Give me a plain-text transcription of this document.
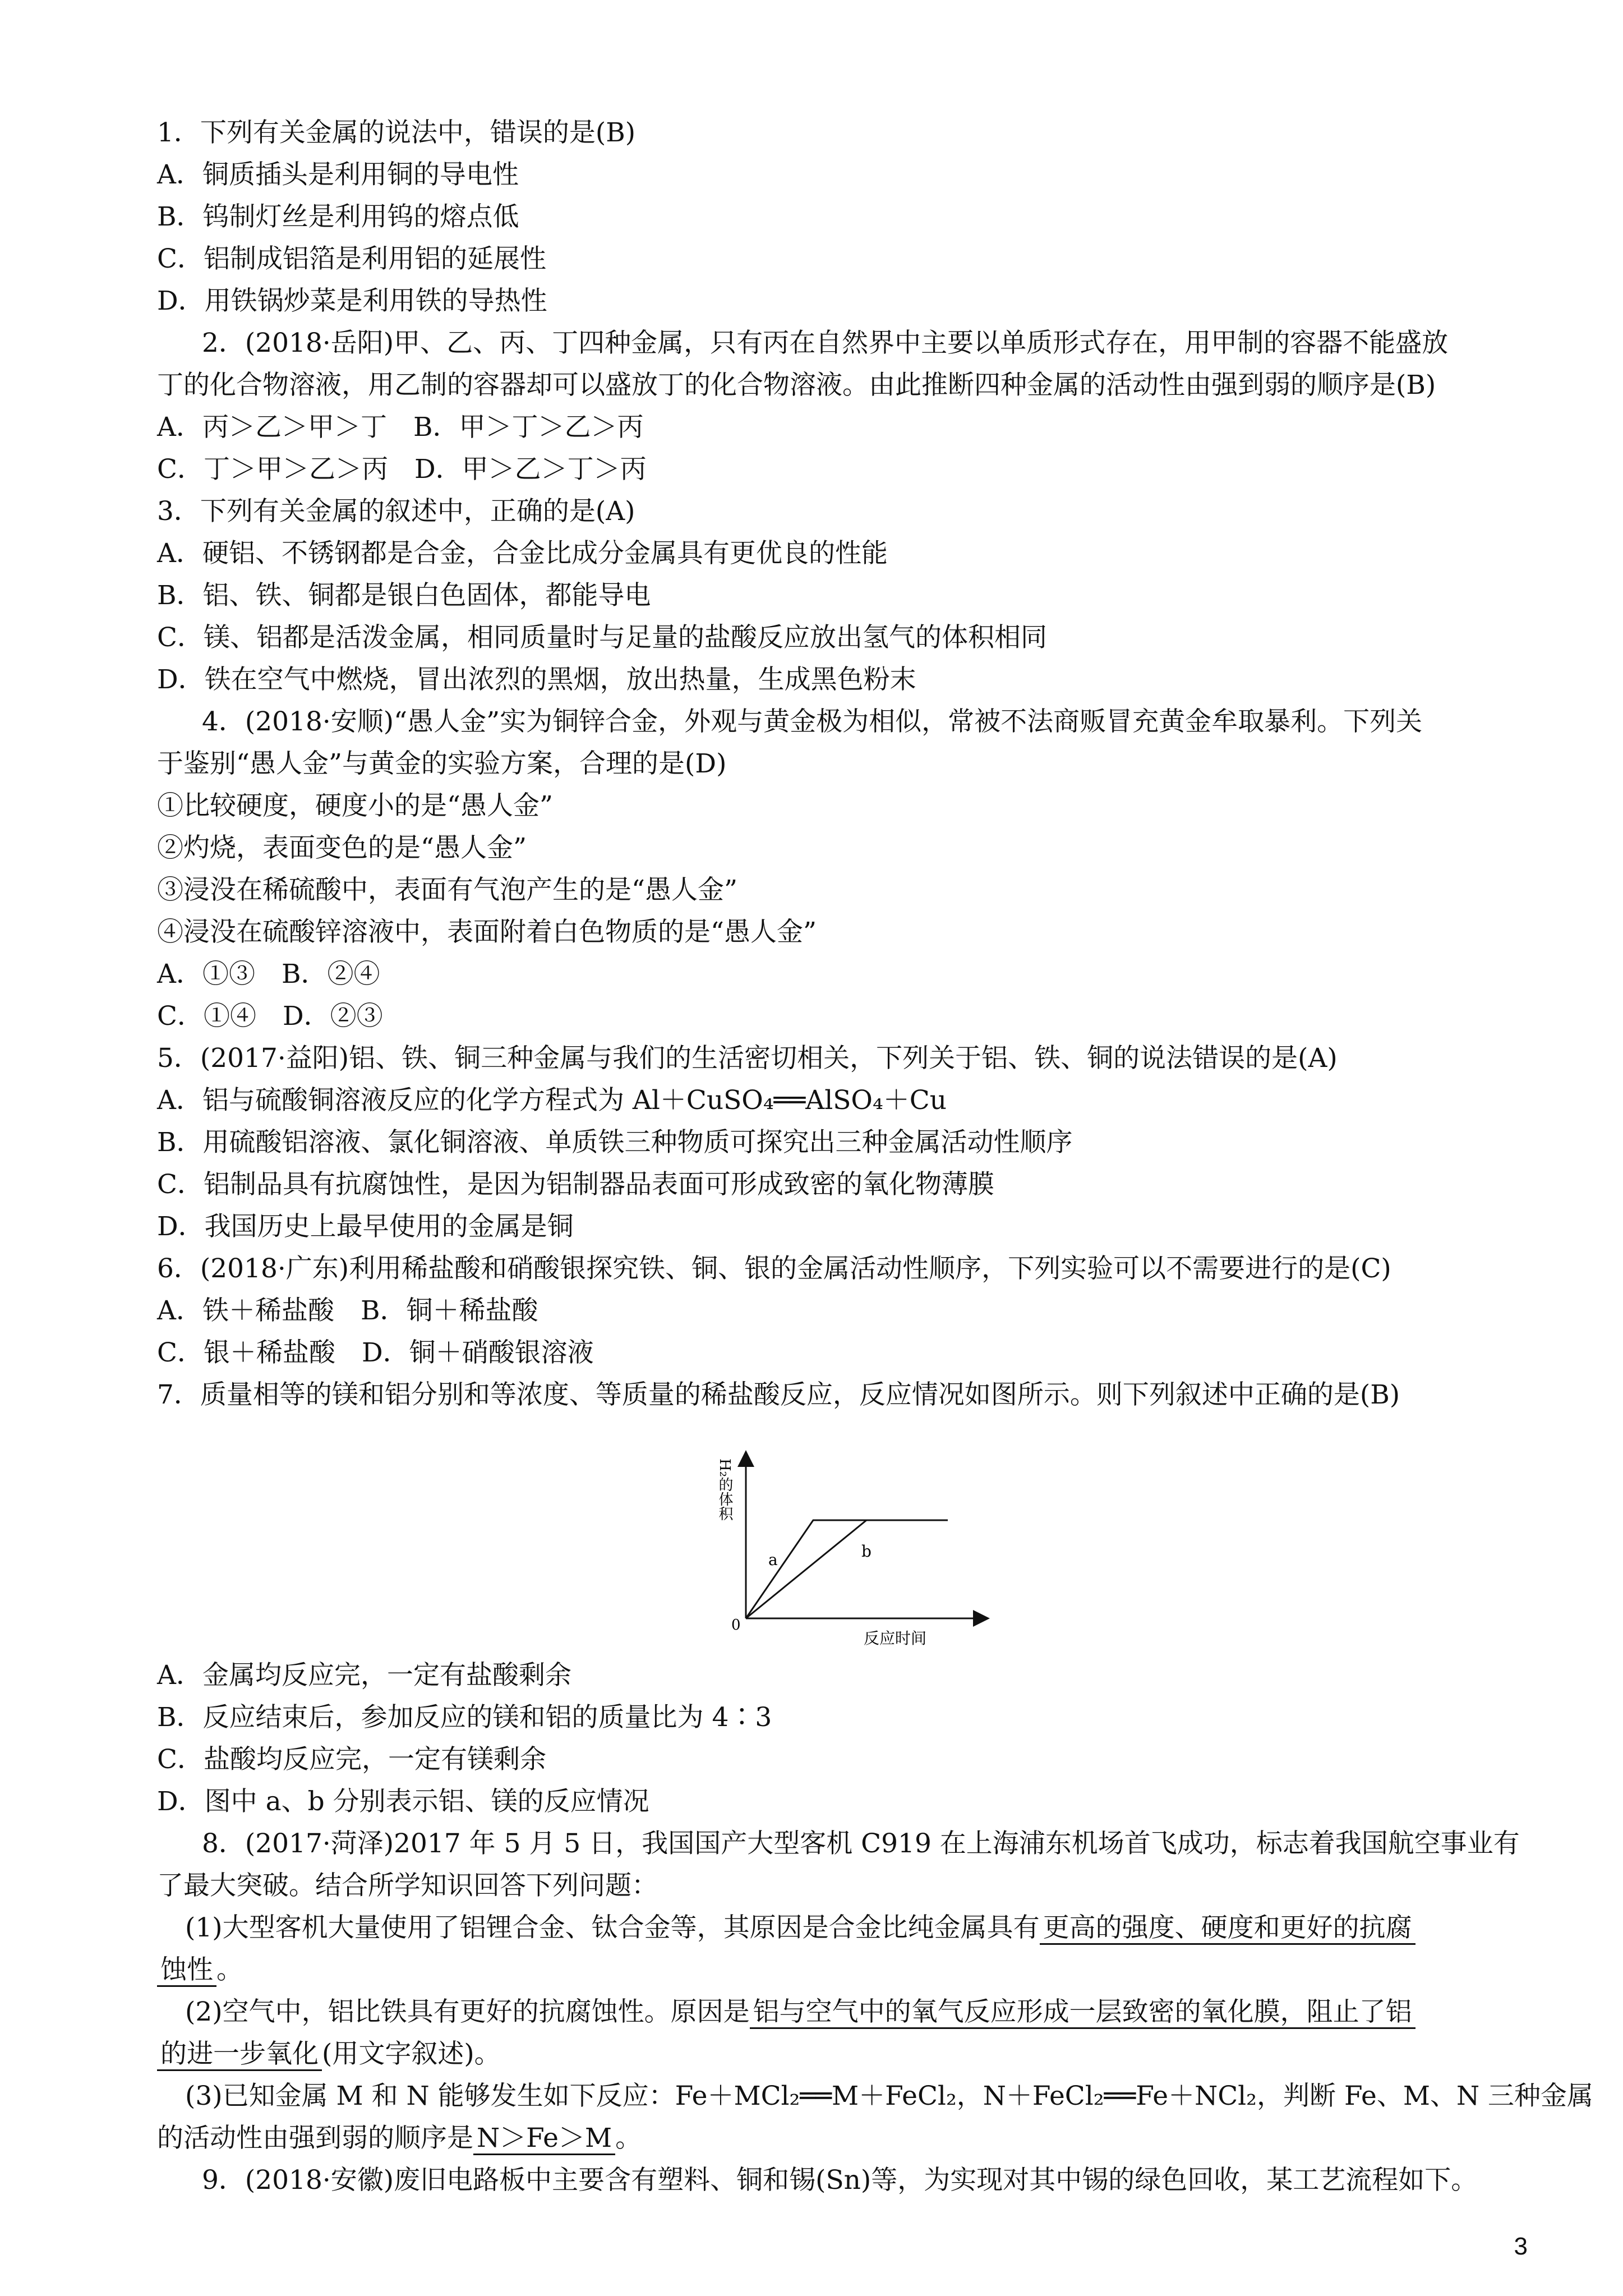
1．下列有关金属的说法中，错误的是(B)
A．铜质插头是利用铜的导电性
B．钨制灯丝是利用钨的熔点低
C．铝制成铝箔是利用铝的延展性
D．用铁锅炒菜是利用铁的导热性
2．(2018·岳阳)甲、乙、丙、丁四种金属，只有丙在自然界中主要以单质形式存在，用甲制的容器不能盛放
丁的化合物溶液，用乙制的容器却可以盛放丁的化合物溶液。由此推断四种金属的活动性由强到弱的顺序是(B)
A．丙＞乙＞甲＞丁　B．甲＞丁＞乙＞丙
C．丁＞甲＞乙＞丙　D．甲＞乙＞丁＞丙
3．下列有关金属的叙述中，正确的是(A)
A．硬铝、不锈钢都是合金，合金比成分金属具有更优良的性能
B．铝、铁、铜都是银白色固体，都能导电
C．镁、铝都是活泼金属，相同质量时与足量的盐酸反应放出氢气的体积相同
D．铁在空气中燃烧，冒出浓烈的黑烟，放出热量，生成黑色粉末
4．(2018·安顺)“愚人金”实为铜锌合金，外观与黄金极为相似，常被不法商贩冒充黄金牟取暴利。下列关
于鉴别“愚人金”与黄金的实验方案，合理的是(D)
①比较硬度，硬度小的是“愚人金”
②灼烧，表面变色的是“愚人金”
③浸没在稀硫酸中，表面有气泡产生的是“愚人金”
④浸没在硫酸锌溶液中，表面附着白色物质的是“愚人金”
A．①③　B．②④
C．①④　D．②③
5．(2017·益阳)铝、铁、铜三种金属与我们的生活密切相关，下列关于铝、铁、铜的说法错误的是(A)
A．铝与硫酸铜溶液反应的化学方程式为 Al＋CuSO₄══AlSO₄＋Cu
B．用硫酸铝溶液、氯化铜溶液、单质铁三种物质可探究出三种金属活动性顺序
C．铝制品具有抗腐蚀性，是因为铝制器品表面可形成致密的氧化物薄膜
D．我国历史上最早使用的金属是铜
6．(2018·广东)利用稀盐酸和硝酸银探究铁、铜、银的金属活动性顺序，下列实验可以不需要进行的是(C)
A．铁＋稀盐酸　B．铜＋稀盐酸
C．银＋稀盐酸　D．铜＋硝酸银溶液
7．质量相等的镁和铝分别和等浓度、等质量的稀盐酸反应，反应情况如图所示。则下列叙述中正确的是(B)
H₂的体积
0
a	b
反应时间
A．金属均反应完，一定有盐酸剩余
B．反应结束后，参加反应的镁和铝的质量比为 4∶3
C．盐酸均反应完，一定有镁剩余
D．图中 a、b 分别表示铝、镁的反应情况
8．(2017·菏泽)2017 年 5 月 5 日，我国国产大型客机 C919 在上海浦东机场首飞成功，标志着我国航空事业有
了最大突破。结合所学知识回答下列问题：
(1)大型客机大量使用了铝锂合金、钛合金等，其原因是合金比纯金属具有 更高的强度、硬度和更好的抗腐
蚀性 。
(2)空气中，铝比铁具有更好的抗腐蚀性。原因是 铝与空气中的氧气反应形成一层致密的氧化膜，阻止了铝
的进一步氧化 (用文字叙述)。
(3)已知金属 M 和 N 能够发生如下反应：Fe＋MCl₂══M＋FeCl₂，N＋FeCl₂══Fe＋NCl₂，判断 Fe、M、N 三种金属
的活动性由强到弱的顺序是 N＞Fe＞M 。
9．(2018·安徽)废旧电路板中主要含有塑料、铜和锡(Sn)等，为实现对其中锡的绿色回收，某工艺流程如下。
3
